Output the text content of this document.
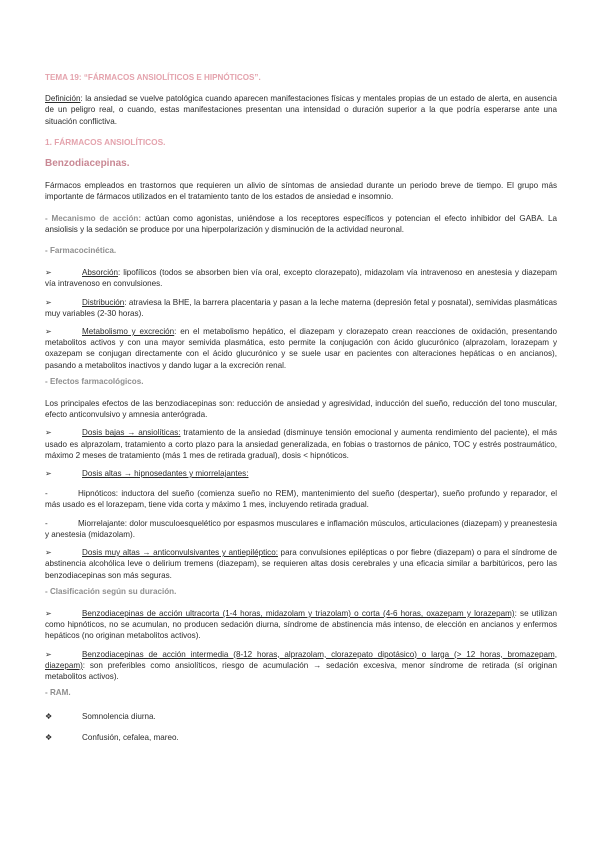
TEMA 19: “FÁRMACOS ANSIOLÍTICOS E HIPNÓTICOS”.

Definición: la ansiedad se vuelve patológica cuando aparecen manifestaciones físicas y mentales propias de un estado de alerta, en ausencia de un peligro real, o cuando, estas manifestaciones presentan una intensidad o duración superior a la que podría esperarse ante una situación conflictiva.

1. FÁRMACOS ANSIOLÍTICOS.
Benzodiacepinas.

Fármacos empleados en trastornos que requieren un alivio de síntomas de ansiedad durante un periodo breve de tiempo. El grupo más importante de fármacos utilizados en el tratamiento tanto de los estados de ansiedad e insomnio.

- Mecanismo de acción: actúan como agonistas, uniéndose a los receptores específicos y potencian el efecto inhibidor del GABA. La ansiolisis y la sedación se produce por una hiperpolarización y disminución de la actividad neuronal.

- Farmacocinética.
➢	Absorción: lipofílicos (todos se absorben bien vía oral, excepto clorazepato), midazolam vía intravenoso en anestesia y diazepam vía intravenoso en convulsiones.
➢	Distribución: atraviesa la BHE, la barrera placentaria y pasan a la leche materna (depresión fetal y posnatal), semividas plasmáticas muy variables (2-30 horas).
➢	Metabolismo y excreción: en el metabolismo hepático, el diazepam y clorazepato crean reacciones de oxidación, presentando metabolitos activos y con una mayor semivida plasmática, esto permite la conjugación con ácido glucurónico (alprazolam, lorazepam y oxazepam se conjugan directamente con el ácido glucurónico y se suele usar en pacientes con alteraciones hepáticas o en ancianos), pasando a metabolitos inactivos y dando lugar a la excreción renal.
- Efectos farmacológicos.

Los principales efectos de las benzodiacepinas son: reducción de ansiedad y agresividad, inducción del sueño, reducción del tono muscular, efecto anticonvulsivo y amnesia anterógrada.

➢	Dosis bajas → ansiolíticas: tratamiento de la ansiedad (disminuye tensión emocional y aumenta rendimiento del paciente), el más usado es alprazolam, tratamiento a corto plazo para la ansiedad generalizada, en fobias o trastornos de pánico, TOC y estrés postraumático, máximo 2 meses de tratamiento (más 1 mes de retirada gradual), dosis < hipnóticos.
➢	Dosis altas → hipnosedantes y miorrelajantes:
-	Hipnóticos: inductora del sueño (comienza sueño no REM), mantenimiento del sueño (despertar), sueño profundo y reparador, el más usado es el lorazepam, tiene vida corta y máximo 1 mes, incluyendo retirada gradual.
-	Miorrelajante: dolor musculoesquelético por espasmos musculares e inflamación músculos, articulaciones (diazepam) y preanestesia y anestesia (midazolam).
➢	Dosis muy altas → anticonvulsivantes y antiepiléptico: para convulsiones epilépticas o por fiebre (diazepam) o para el síndrome de abstinencia alcohólica leve o delirium tremens (diazepam), se requieren altas dosis cerebrales y una eficacia similar a barbitúricos, pero las benzodiacepinas son más seguras.
- Clasificación según su duración.
➢	Benzodiacepinas de acción ultracorta (1-4 horas, midazolam y triazolam) o corta (4-6 horas, oxazepam y lorazepam): se utilizan como hipnóticos, no se acumulan, no producen sedación diurna, síndrome de abstinencia más intenso, de elección en ancianos y enfermos hepáticos (no originan metabolitos activos).
➢	Benzodiacepinas de acción intermedia (8-12 horas, alprazolam, clorazepato dipotásico) o larga (> 12 horas, bromazepam, diazepam): son preferibles como ansiolíticos, riesgo de acumulación → sedación excesiva, menor síndrome de retirada (sí originan metabolitos activos).
- RAM.
❖	Somnolencia diurna.
❖	Confusión, cefalea, mareo.
